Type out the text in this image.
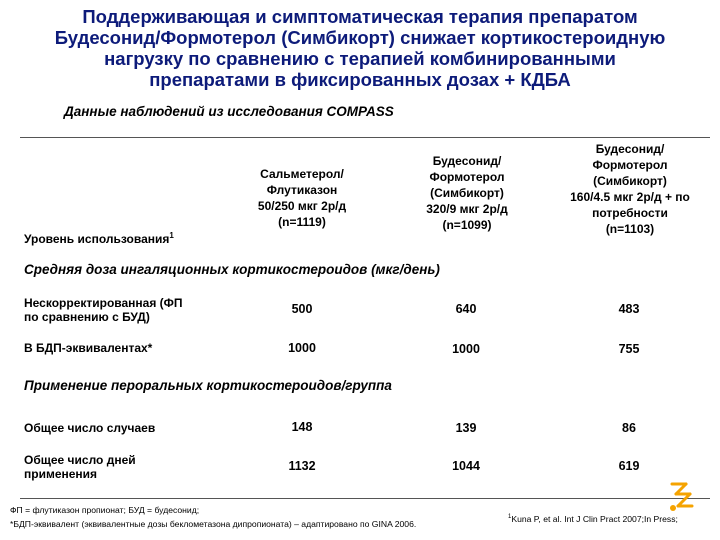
Поддерживающая и симптоматическая терапия препаратом
Будесонид/Формотерол (Симбикорт) снижает кортикостероидную
нагрузку по сравнению с терапией комбинированными
препаратами в фиксированных дозах + КДБА
Данные наблюдений из исследования COMPASS
Сальметерол/
Флутиказон
50/250 мкг 2р/д
(n=1119)
Будесонид/
Формотерол
(Симбикорт)
320/9 мкг 2р/д
(n=1099)
Будесонид/
Формотерол
(Симбикорт)
160/4.5 мкг 2р/д + по
потребности
(n=1103)
Уровень использования$^1$
Средняя доза ингаляционных кортикостероидов (мкг/день)
Нескорректированная (ФП
по сравнению с БУД)
500	640	483
В БДП-эквивалентах*	1000	1000	755
Применение пероральных кортикостероидов/группа
Общее число случаев	148	139	86
Общее число дней
применения
1132	1044	619
ФП = флутиказон пропионат; БУД = будесонид;
*БДП-эквивалент (эквивалентные дозы беклометазона дипропионата) – адаптировано по GINA 2006.
$^1$Kuna P, et al. Int J Clin Pract 2007;In Press;
